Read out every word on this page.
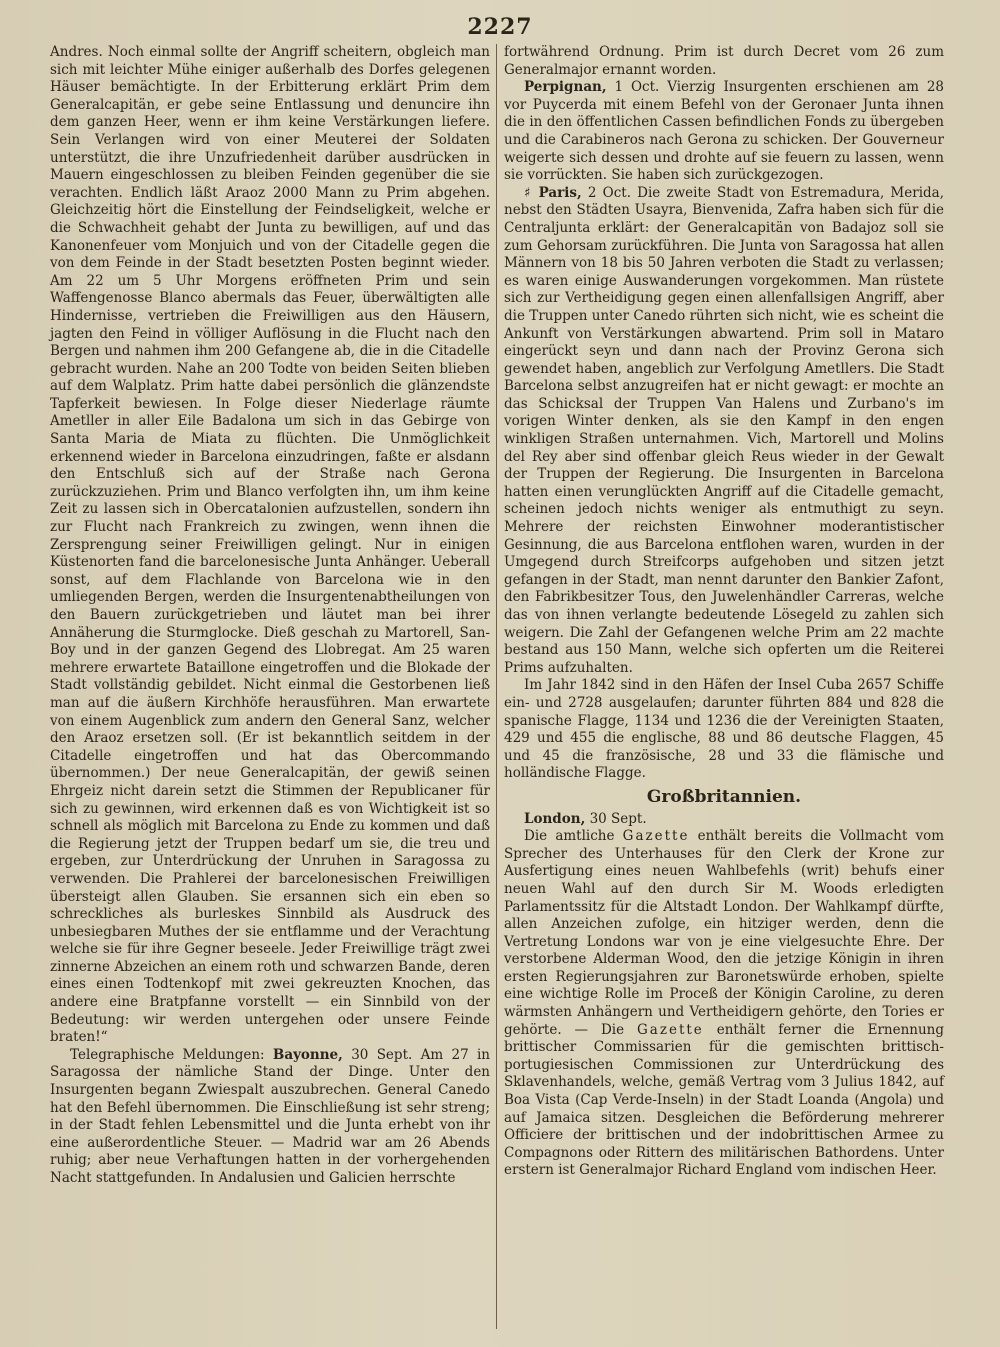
2227

Andres. Noch einmal sollte der Angriff scheitern, obgleich man sich mit leichter Mühe einiger außerhalb des Dorfes gelegenen Häuser bemächtigte. In der Erbitterung erklärt Prim dem Generalcapitän, er gebe seine Entlassung und denuncire ihn dem ganzen Heer, wenn er ihm keine Verstärkungen liefere. Sein Verlangen wird von einer Meuterei der Soldaten unterstützt, die ihre Unzufriedenheit darüber ausdrücken in Mauern eingeschlossen zu bleiben Feinden gegenüber die sie verachten. Endlich läßt Araoz 2000 Mann zu Prim abgehen. Gleichzeitig hört die Einstellung der Feindseligkeit, welche er die Schwachheit gehabt der Junta zu bewilligen, auf und das Kanonenfeuer vom Monjuich und von der Citadelle gegen die von dem Feinde in der Stadt besetzten Posten beginnt wieder. Am 22 um 5 Uhr Morgens eröffneten Prim und sein Waffengenosse Blanco abermals das Feuer, überwältigten alle Hindernisse, vertrieben die Freiwilligen aus den Häusern, jagten den Feind in völliger Auflösung in die Flucht nach den Bergen und nahmen ihm 200 Gefangene ab, die in die Citadelle gebracht wurden. Nahe an 200 Todte von beiden Seiten blieben auf dem Walplatz. Prim hatte dabei persönlich die glänzendste Tapferkeit bewiesen. In Folge dieser Niederlage räumte Ametller in aller Eile Badalona um sich in das Gebirge von Santa Maria de Miata zu flüchten. Die Unmöglichkeit erkennend wieder in Barcelona einzudringen, faßte er alsdann den Entschluß sich auf der Straße nach Gerona zurückzuziehen. Prim und Blanco verfolgten ihn, um ihm keine Zeit zu lassen sich in Obercatalonien aufzustellen, sondern ihn zur Flucht nach Frankreich zu zwingen, wenn ihnen die Zersprengung seiner Freiwilligen gelingt. Nur in einigen Küstenorten fand die barcelonesische Junta Anhänger. Ueberall sonst, auf dem Flachlande von Barcelona wie in den umliegenden Bergen, werden die Insurgentenabtheilungen von den Bauern zurückgetrieben und läutet man bei ihrer Annäherung die Sturmglocke. Dieß geschah zu Martorell, San-Boy und in der ganzen Gegend des Llobregat. Am 25 waren mehrere erwartete Bataillone eingetroffen und die Blokade der Stadt vollständig gebildet. Nicht einmal die Gestorbenen ließ man auf die äußern Kirchhöfe herausführen. Man erwartete von einem Augenblick zum andern den General Sanz, welcher den Araoz ersetzen soll. (Er ist bekanntlich seitdem in der Citadelle eingetroffen und hat das Obercommando übernommen.) Der neue Generalcapitän, der gewiß seinen Ehrgeiz nicht darein setzt die Stimmen der Republicaner für sich zu gewinnen, wird erkennen daß es von Wichtigkeit ist so schnell als möglich mit Barcelona zu Ende zu kommen und daß die Regierung jetzt der Truppen bedarf um sie, die treu und ergeben, zur Unterdrückung der Unruhen in Saragossa zu verwenden. Die Prahlerei der barcelonesischen Freiwilligen übersteigt allen Glauben. Sie ersannen sich ein eben so schreckliches als burleskes Sinnbild als Ausdruck des unbesiegbaren Muthes der sie entflamme und der Verachtung welche sie für ihre Gegner beseele. Jeder Freiwillige trägt zwei zinnerne Abzeichen an einem roth und schwarzen Bande, deren eines einen Todtenkopf mit zwei gekreuzten Knochen, das andere eine Bratpfanne vorstellt — ein Sinnbild von der Bedeutung: wir werden untergehen oder unsere Feinde braten!“

Telegraphische Meldungen: Bayonne, 30 Sept. Am 27 in Saragossa der nämliche Stand der Dinge. Unter den Insurgenten begann Zwiespalt auszubrechen. General Canedo hat den Befehl übernommen. Die Einschließung ist sehr streng; in der Stadt fehlen Lebensmittel und die Junta erhebt von ihr eine außerordentliche Steuer. — Madrid war am 26 Abends ruhig; aber neue Verhaftungen hatten in der vorhergehenden Nacht stattgefunden. In Andalusien und Galicien herrschte

fortwährend Ordnung. Prim ist durch Decret vom 26 zum Generalmajor ernannt worden.

Perpignan, 1 Oct. Vierzig Insurgenten erschienen am 28 vor Puycerda mit einem Befehl von der Geronaer Junta ihnen die in den öffentlichen Cassen befindlichen Fonds zu übergeben und die Carabineros nach Gerona zu schicken. Der Gouverneur weigerte sich dessen und drohte auf sie feuern zu lassen, wenn sie vorrückten. Sie haben sich zurückgezogen.

♯ Paris, 2 Oct. Die zweite Stadt von Estremadura, Merida, nebst den Städten Usayra, Bienvenida, Zafra haben sich für die Centraljunta erklärt: der Generalcapitän von Badajoz soll sie zum Gehorsam zurückführen. Die Junta von Saragossa hat allen Männern von 18 bis 50 Jahren verboten die Stadt zu verlassen; es waren einige Auswanderungen vorgekommen. Man rüstete sich zur Vertheidigung gegen einen allenfallsigen Angriff, aber die Truppen unter Canedo rührten sich nicht, wie es scheint die Ankunft von Verstärkungen abwartend. Prim soll in Mataro eingerückt seyn und dann nach der Provinz Gerona sich gewendet haben, angeblich zur Verfolgung Ametllers. Die Stadt Barcelona selbst anzugreifen hat er nicht gewagt: er mochte an das Schicksal der Truppen Van Halens und Zurbano's im vorigen Winter denken, als sie den Kampf in den engen winkligen Straßen unternahmen. Vich, Martorell und Molins del Rey aber sind offenbar gleich Reus wieder in der Gewalt der Truppen der Regierung. Die Insurgenten in Barcelona hatten einen verunglückten Angriff auf die Citadelle gemacht, scheinen jedoch nichts weniger als entmuthigt zu seyn. Mehrere der reichsten Einwohner moderantistischer Gesinnung, die aus Barcelona entflohen waren, wurden in der Umgegend durch Streifcorps aufgehoben und sitzen jetzt gefangen in der Stadt, man nennt darunter den Bankier Zafont, den Fabrikbesitzer Tous, den Juwelenhändler Carreras, welche das von ihnen verlangte bedeutende Lösegeld zu zahlen sich weigern. Die Zahl der Gefangenen welche Prim am 22 machte bestand aus 150 Mann, welche sich opferten um die Reiterei Prims aufzuhalten.

Im Jahr 1842 sind in den Häfen der Insel Cuba 2657 Schiffe ein- und 2728 ausgelaufen; darunter führten 884 und 828 die spanische Flagge, 1134 und 1236 die der Vereinigten Staaten, 429 und 455 die englische, 88 und 86 deutsche Flaggen, 45 und 45 die französische, 28 und 33 die flämische und holländische Flagge.

Großbritannien.

London, 30 Sept.

Die amtliche Gazette enthält bereits die Vollmacht vom Sprecher des Unterhauses für den Clerk der Krone zur Ausfertigung eines neuen Wahlbefehls (writ) behufs einer neuen Wahl auf den durch Sir M. Woods erledigten Parlamentssitz für die Altstadt London. Der Wahlkampf dürfte, allen Anzeichen zufolge, ein hitziger werden, denn die Vertretung Londons war von je eine vielgesuchte Ehre. Der verstorbene Alderman Wood, den die jetzige Königin in ihren ersten Regierungsjahren zur Baronetswürde erhoben, spielte eine wichtige Rolle im Proceß der Königin Caroline, zu deren wärmsten Anhängern und Vertheidigern gehörte, den Tories er gehörte. — Die Gazette enthält ferner die Ernennung brittischer Commissarien für die gemischten brittisch-portugiesischen Commissionen zur Unterdrückung des Sklavenhandels, welche, gemäß Vertrag vom 3 Julius 1842, auf Boa Vista (Cap Verde-Inseln) in der Stadt Loanda (Angola) und auf Jamaica sitzen. Desgleichen die Beförderung mehrerer Officiere der brittischen und der indobrittischen Armee zu Compagnons oder Rittern des militärischen Bathordens. Unter erstern ist Generalmajor Richard England vom indischen Heer.
